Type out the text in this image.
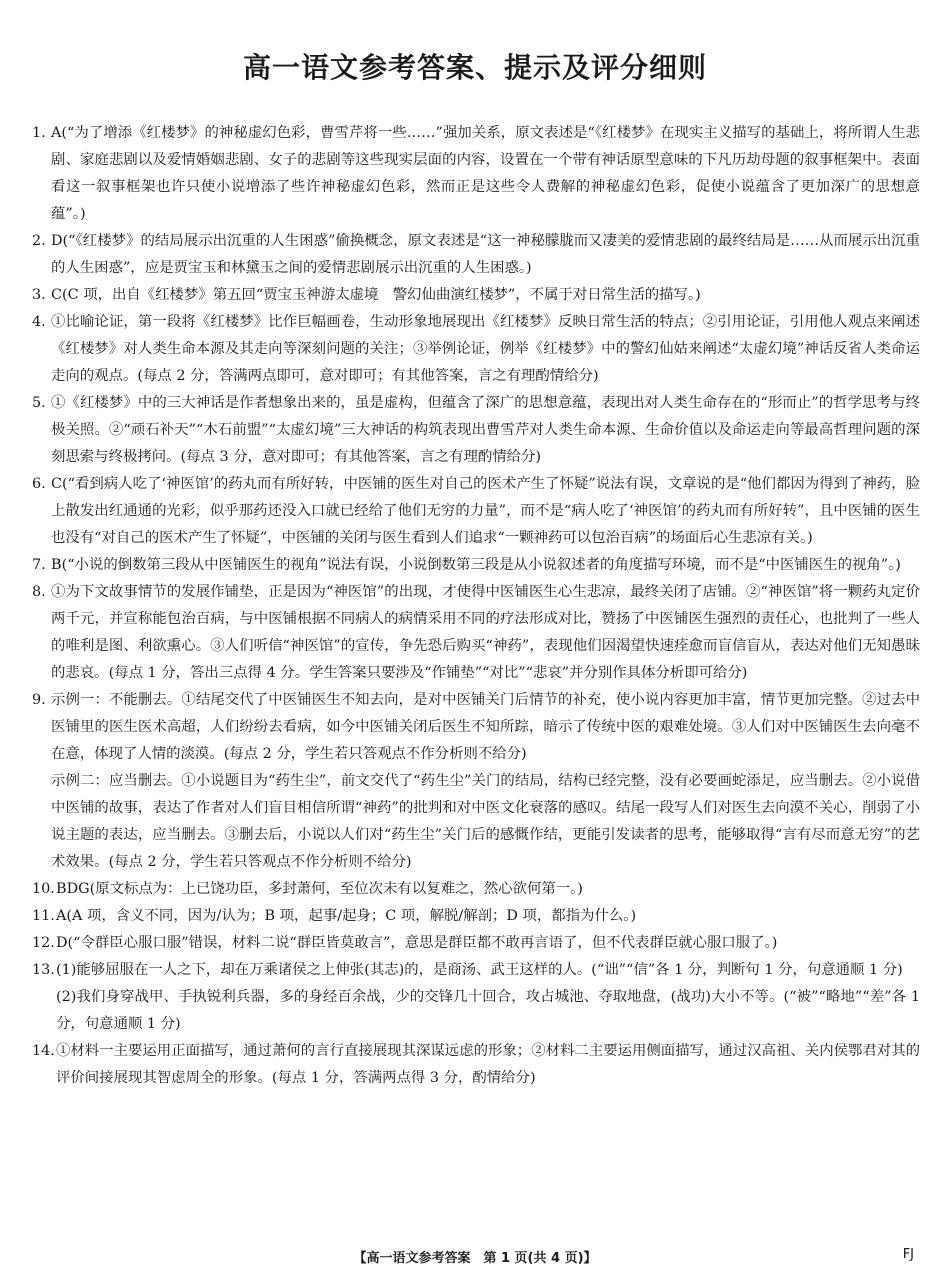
高一语文参考答案、提示及评分细则
1. A(“为了增添《红楼梦》的神秘虚幻色彩，曹雪芹将一些……”强加关系，原文表述是“《红楼梦》在现实主义描写的基础上，将所谓人生悲剧、家庭悲剧以及爱情婚姻悲剧、女子的悲剧等这些现实层面的内容，设置在一个带有神话原型意味的下凡历劫母题的叙事框架中。表面看这一叙事框架也许只使小说增添了些许神秘虚幻色彩，然而正是这些令人费解的神秘虚幻色彩，促使小说蕴含了更加深广的思想意蕴”。)
2. D(“《红楼梦》的结局展示出沉重的人生困惑”偷换概念，原文表述是“这一神秘朦胧而又凄美的爱情悲剧的最终结局是……从而展示出沉重的人生困惑”，应是贾宝玉和林黛玉之间的爱情悲剧展示出沉重的人生困惑。)
3. C(C 项，出自《红楼梦》第五回“贾宝玉神游太虚境　警幻仙曲演红楼梦”，不属于对日常生活的描写。)
4. ①比喻论证，第一段将《红楼梦》比作巨幅画卷，生动形象地展现出《红楼梦》反映日常生活的特点；②引用论证，引用他人观点来阐述《红楼梦》对人类生命本源及其走向等深刻问题的关注；③举例论证，例举《红楼梦》中的警幻仙姑来阐述“太虚幻境”神话反省人类命运走向的观点。(每点 2 分，答满两点即可，意对即可；有其他答案，言之有理酌情给分)
5. ①《红楼梦》中的三大神话是作者想象出来的，虽是虚构，但蕴含了深广的思想意蕴，表现出对人类生命存在的“形而止”的哲学思考与终极关照。②“顽石补天”“木石前盟”“太虚幻境”三大神话的构筑表现出曹雪芹对人类生命本源、生命价值以及命运走向等最高哲理问题的深刻思索与终极拷问。(每点 3 分，意对即可；有其他答案，言之有理酌情给分)
6. C(“看到病人吃了‘神医馆’的药丸而有所好转，中医铺的医生对自己的医术产生了怀疑”说法有误，文章说的是“他们都因为得到了神药，脸上散发出红通通的光彩，似乎那药还没入口就已经给了他们无穷的力量”，而不是“病人吃了‘神医馆’的药丸而有所好转”，且中医铺的医生也没有“对自己的医术产生了怀疑”，中医铺的关闭与医生看到人们追求“一颗神药可以包治百病”的场面后心生悲凉有关。)
7. B(“小说的倒数第三段从中医铺医生的视角”说法有误，小说倒数第三段是从小说叙述者的角度描写环境，而不是“中医铺医生的视角”。)
8. ①为下文故事情节的发展作铺垫，正是因为“神医馆”的出现，才使得中医铺医生心生悲凉，最终关闭了店铺。②“神医馆”将一颗药丸定价两千元，并宣称能包治百病，与中医铺根据不同病人的病情采用不同的疗法形成对比，赞扬了中医铺医生强烈的责任心，也批判了一些人的唯利是图、利欲熏心。③人们听信“神医馆”的宣传，争先恐后购买“神药”，表现他们因渴望快速痊愈而盲信盲从，表达对他们无知愚昧的悲哀。(每点 1 分，答出三点得 4 分。学生答案只要涉及“作铺垫”“对比”“悲哀”并分别作具体分析即可给分)
9. 示例一：不能删去。①结尾交代了中医铺医生不知去向，是对中医铺关门后情节的补充，使小说内容更加丰富，情节更加完整。②过去中医铺里的医生医术高超，人们纷纷去看病，如今中医铺关闭后医生不知所踪，暗示了传统中医的艰难处境。③人们对中医铺医生去向毫不在意，体现了人情的淡漠。(每点 2 分，学生若只答观点不作分析则不给分)
示例二：应当删去。①小说题目为“药生尘”，前文交代了“药生尘”关门的结局，结构已经完整，没有必要画蛇添足，应当删去。②小说借中医铺的故事，表达了作者对人们盲目相信所谓“神药”的批判和对中医文化衰落的感叹。结尾一段写人们对医生去向漠不关心，削弱了小说主题的表达，应当删去。③删去后，小说以人们对“药生尘”关门后的感慨作结，更能引发读者的思考，能够取得“言有尽而意无穷”的艺术效果。(每点 2 分，学生若只答观点不作分析则不给分)
10. BDG(原文标点为：上已饶功臣，多封萧何，至位次未有以复难之，然心欲何第一。)
11. A(A 项，含义不同，因为/认为；B 项，起事/起身；C 项，解脱/解剖；D 项，都指为什么。)
12. D(“令群臣心服口服”错误，材料二说“群臣皆莫敢言”，意思是群臣都不敢再言语了，但不代表群臣就心服口服了。)
13. (1)能够屈服在一人之下，却在万乘诸侯之上伸张(其志)的，是商汤、武王这样的人。(“诎”“信”各 1 分，判断句 1 分，句意通顺 1 分)
(2)我们身穿战甲、手执锐利兵器，多的身经百余战，少的交锋几十回合，攻占城池、夺取地盘，(战功)大小不等。(“被”“略地”“差”各 1 分，句意通顺 1 分)
14. ①材料一主要运用正面描写，通过萧何的言行直接展现其深谋远虑的形象；②材料二主要运用侧面描写，通过汉高祖、关内侯鄂君对其的评价间接展现其智虑周全的形象。(每点 1 分，答满两点得 3 分，酌情给分)
【高一语文参考答案　第 1 页(共 4 页)】	FJ
